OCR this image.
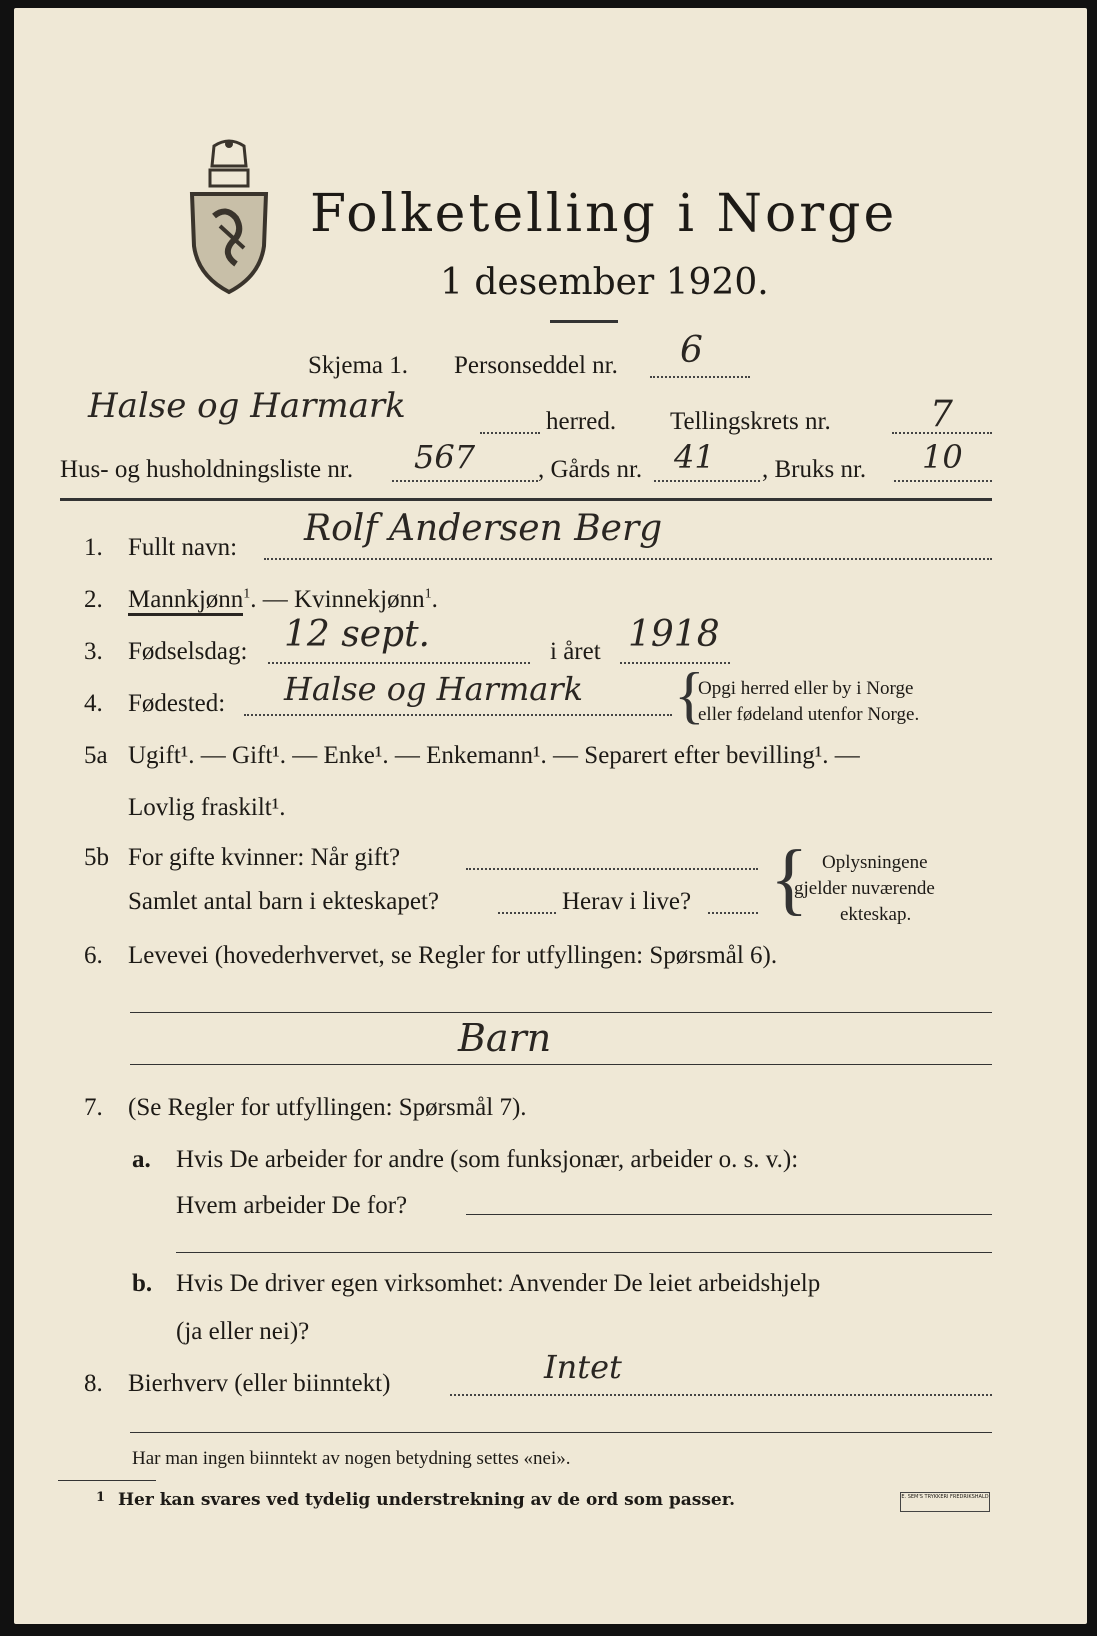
Folketelling i Norge
1 desember 1920.
Skjema 1. Personseddel nr. 6
Halse og Harmark	herred. Tellingskrets nr.	7
Hus- og husholdningsliste nr. 567	, Gårds nr. 41 , Bruks nr. 10
1. Fullt navn: Rolf Andersen Berg
2. Mannkjønn$^1$. — Kvinnekjønn$^1$.
3. Fødselsdag: 12 sept.	i året 1918
4. Fødested: Halse og Harmark {
Opgi herred eller by i Norge
eller fødeland utenfor Norge.
5a Ugift¹. — Gift¹. — Enke¹. — Enkemann¹. — Separert efter bevilling¹. —
Lovlig fraskilt¹.
5b For gifte kvinner: Når gift?
Samlet antal barn i ekteskapet?	Herav i live? { Oplysningene
gjelder nuværende
ekteskap.
6. Levevei (hovederhvervet, se Regler for utfyllingen: Spørsmål 6).
Barn
7. (Se Regler for utfyllingen: Spørsmål 7).
a. Hvis De arbeider for andre (som funksjonær, arbeider o. s. v.):
Hvem arbeider De for?
b. Hvis De driver egen virksomhet: Anvender De leiet arbeidshjelp
(ja eller nei)?
8. Bierhverv (eller biinntekt)	Intet
Har man ingen biinntekt av nogen betydning settes «nei».
1 Her kan svares ved tydelig understrekning av de ord som passer.	E. SEM'S TRYKKERI FREDRIKSHALD
